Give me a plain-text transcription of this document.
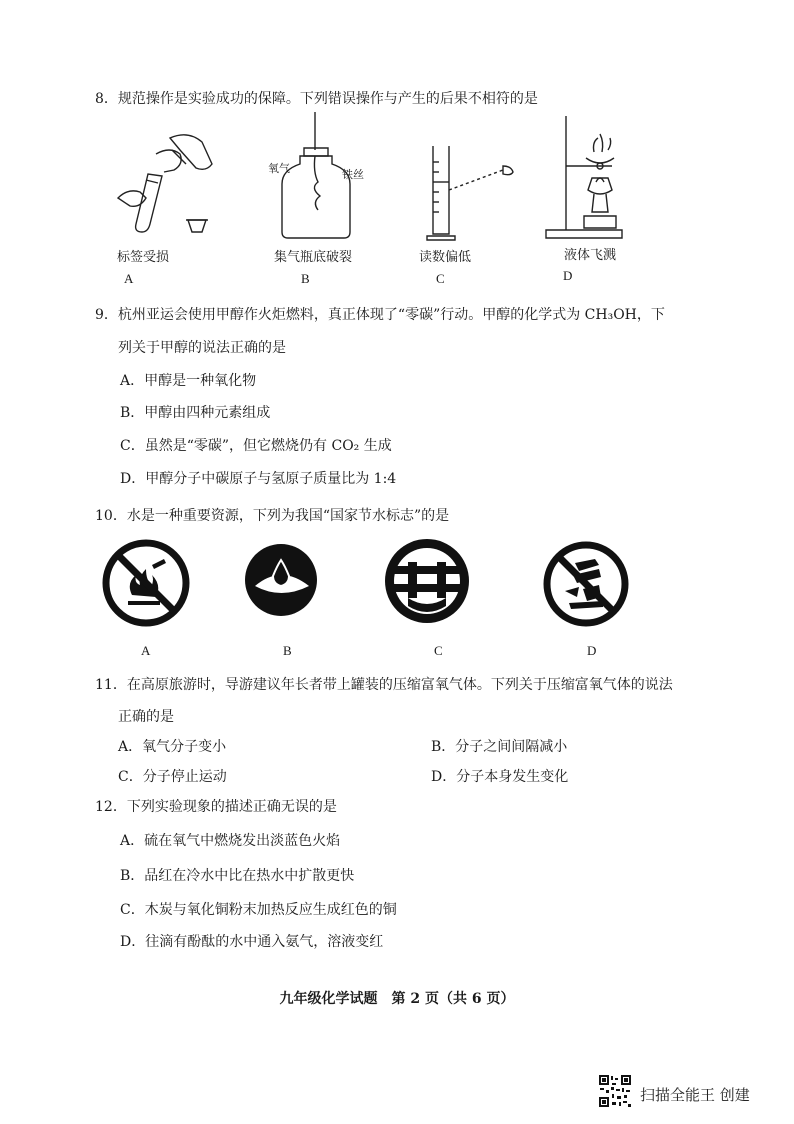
8．规范操作是实验成功的保障。下列错误操作与产生的后果不相符的是
标签受损
A
氧气	铁丝
集气瓶底破裂
B
读数偏低
C
液体飞溅
D
9．杭州亚运会使用甲醇作火炬燃料，真正体现了“零碳”行动。甲醇的化学式为 CH₃OH，下
列关于甲醇的说法正确的是
A．甲醇是一种氧化物
B．甲醇由四种元素组成
C．虽然是“零碳”，但它燃烧仍有 CO₂ 生成
D．甲醇分子中碳原子与氢原子质量比为 1:4
10．水是一种重要资源，下列为我国“国家节水标志”的是
A	B	C	D
11．在高原旅游时，导游建议年长者带上罐装的压缩富氧气体。下列关于压缩富氧气体的说法
正确的是
A．氧气分子变小	B．分子之间间隔减小
C．分子停止运动	D．分子本身发生变化
12．下列实验现象的描述正确无误的是
A．硫在氧气中燃烧发出淡蓝色火焰
B．品红在冷水中比在热水中扩散更快
C．木炭与氧化铜粉末加热反应生成红色的铜
D．往滴有酚酞的水中通入氨气，溶液变红
九年级化学试题　第 2 页（共 6 页）
扫描全能王 创建
